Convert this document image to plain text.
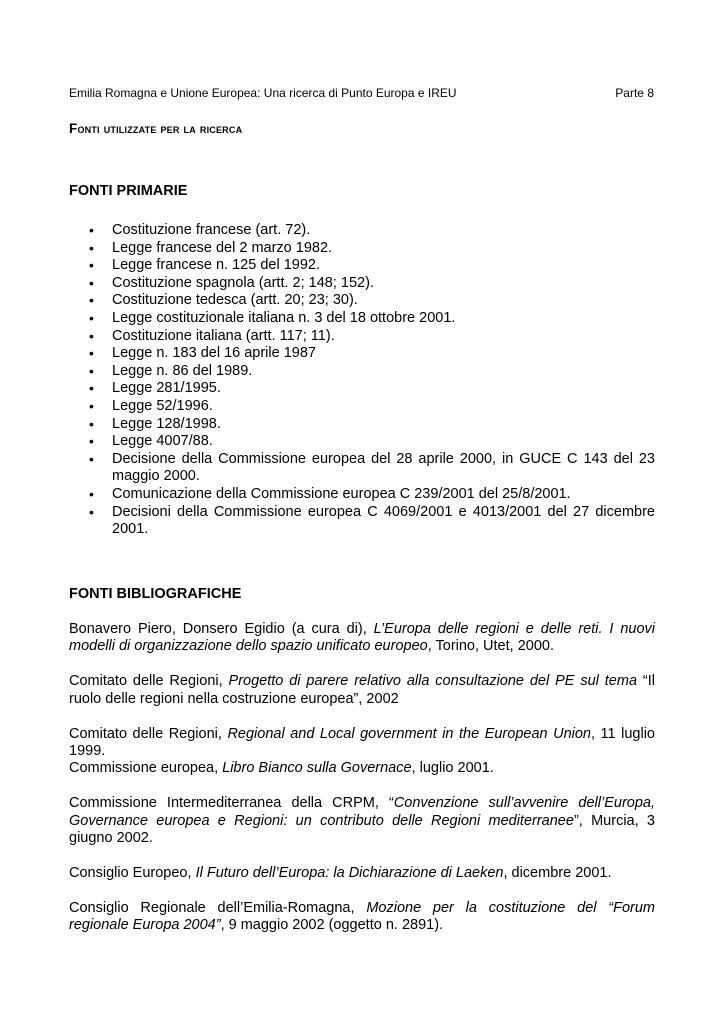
Emilia Romagna e Unione Europea: Una ricerca di Punto Europa e IREU	Parte 8
Fonti utilizzate per la ricerca
FONTI PRIMARIE
• Costituzione francese (art. 72).
• Legge francese del 2 marzo 1982.
• Legge francese n. 125 del 1992.
• Costituzione spagnola (artt. 2; 148; 152).
• Costituzione tedesca (artt. 20; 23; 30).
• Legge costituzionale italiana n. 3 del 18 ottobre 2001.
• Costituzione italiana (artt. 117; 11).
• Legge n. 183 del 16 aprile 1987
• Legge n. 86 del 1989.
• Legge 281/1995.
• Legge 52/1996.
• Legge 128/1998.
• Legge 4007/88.
• Decisione della Commissione europea del 28 aprile 2000, in GUCE C 143 del 23 maggio 2000.
• Comunicazione della Commissione europea C 239/2001 del 25/8/2001.
• Decisioni della Commissione europea C 4069/2001 e 4013/2001 del 27 dicembre 2001.
FONTI BIBLIOGRAFICHE

Bonavero Piero, Donsero Egidio (a cura di), L’Europa delle regioni e delle reti. I nuovi modelli di organizzazione dello spazio unificato europeo, Torino, Utet, 2000.

Comitato delle Regioni, Progetto di parere relativo alla consultazione del PE sul tema “Il ruolo delle regioni nella costruzione europea”, 2002

Comitato delle Regioni, Regional and Local government in the European Union, 11 luglio 1999.

Commissione europea, Libro Bianco sulla Governace, luglio 2001.

Commissione Intermediterranea della CRPM, “Convenzione sull’avvenire dell’Europa, Governance europea e Regioni: un contributo delle Regioni mediterranee”, Murcia, 3 giugno 2002.

Consiglio Europeo, Il Futuro dell’Europa: la Dichiarazione di Laeken, dicembre 2001.

Consiglio Regionale dell’Emilia-Romagna, Mozione per la costituzione del “Forum regionale Europa 2004”, 9 maggio 2002 (oggetto n. 2891).
